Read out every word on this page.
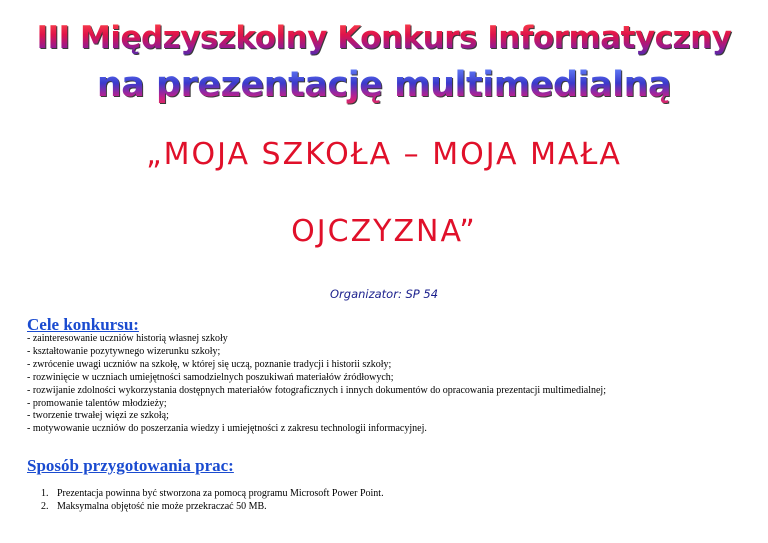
III Międzyszkolny Konkurs Informatyczny
na prezentację multimedialną
„MOJA SZKOŁA – MOJA MAŁA
OJCZYZNA”
Organizator: SP 54
Cele konkursu:
- zainteresowanie uczniów historią własnej szkoły
- kształtowanie pozytywnego wizerunku szkoły;
- zwrócenie uwagi uczniów na szkołę, w której się uczą, poznanie tradycji i historii szkoły;
- rozwinięcie w uczniach umiejętności samodzielnych poszukiwań materiałów źródłowych;
- rozwijanie zdolności wykorzystania dostępnych materiałów fotograficznych i innych dokumentów do opracowania prezentacji multimedialnej;
- promowanie talentów młodzieży;
- tworzenie trwałej więzi ze szkołą;
- motywowanie uczniów do poszerzania wiedzy i umiejętności z zakresu technologii informacyjnej.
Sposób przygotowania prac:
1. Prezentacja powinna być stworzona za pomocą programu Microsoft Power Point.
2. Maksymalna objętość nie może przekraczać 50 MB.
